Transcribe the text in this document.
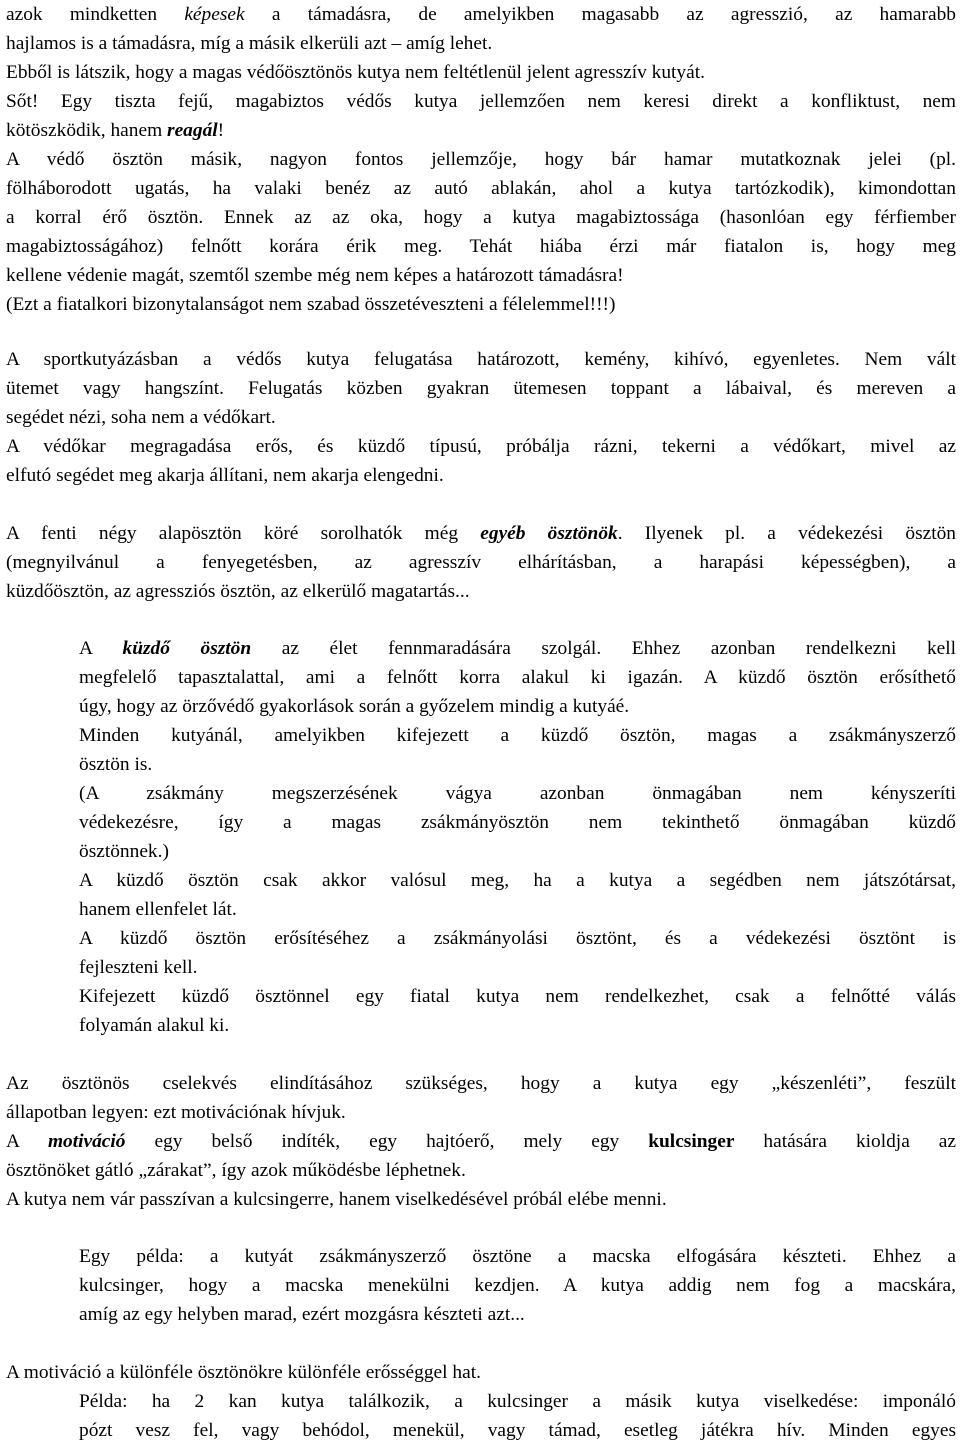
azok mindketten képesek a támadásra, de amelyikben magasabb az agresszió, az hamarabb
hajlamos is a támadásra, míg a másik elkerüli azt – amíg lehet.
Ebből is látszik, hogy a magas védőösztönös kutya nem feltétlenül jelent agresszív kutyát.
Sőt! Egy tiszta fejű, magabiztos védős kutya jellemzően nem keresi direkt a konfliktust, nem
kötöszködik, hanem reagál!
A védő ösztön másik, nagyon fontos jellemzője, hogy bár hamar mutatkoznak jelei (pl.
fölháborodott ugatás, ha valaki benéz az autó ablakán, ahol a kutya tartózkodik), kimondottan
a korral érő ösztön. Ennek az az oka, hogy a kutya magabiztossága (hasonlóan egy férfiember
magabiztosságához) felnőtt korára érik meg. Tehát hiába érzi már fiatalon is, hogy meg
kellene védenie magát, szemtől szembe még nem képes a határozott támadásra!
(Ezt a fiatalkori bizonytalanságot nem szabad összetéveszteni a félelemmel!!!)
A sportkutyázásban a védős kutya felugatása határozott, kemény, kihívó, egyenletes. Nem vált
ütemet vagy hangszínt. Felugatás közben gyakran ütemesen toppant a lábaival, és mereven a
segédet nézi, soha nem a védőkart.
A védőkar megragadása erős, és küzdő típusú, próbálja rázni, tekerni a védőkart, mivel az
elfutó segédet meg akarja állítani, nem akarja elengedni.
A fenti négy alapösztön köré sorolhatók még egyéb ösztönök. Ilyenek pl. a védekezési ösztön
(megnyilvánul a fenyegetésben, az agresszív elhárításban, a harapási képességben), a
küzdőösztön, az agressziós ösztön, az elkerülő magatartás...
A küzdő ösztön az élet fennmaradására szolgál. Ehhez azonban rendelkezni kell
megfelelő tapasztalattal, ami a felnőtt korra alakul ki igazán. A küzdő ösztön erősíthető
úgy, hogy az örzővédő gyakorlások során a győzelem mindig a kutyáé.
Minden kutyánál, amelyikben kifejezett a küzdő ösztön, magas a zsákmányszerző
ösztön is.
(A zsákmány megszerzésének vágya azonban önmagában nem kényszeríti
védekezésre, így a magas zsákmányösztön nem tekinthető önmagában küzdő
ösztönnek.)
A küzdő ösztön csak akkor valósul meg, ha a kutya a segédben nem játszótársat,
hanem ellenfelet lát.
A küzdő ösztön erősítéséhez a zsákmányolási ösztönt, és a védekezési ösztönt is
fejleszteni kell.
Kifejezett küzdő ösztönnel egy fiatal kutya nem rendelkezhet, csak a felnőtté válás
folyamán alakul ki.
Az ösztönös cselekvés elindításához szükséges, hogy a kutya egy „készenléti”, feszült
állapotban legyen: ezt motivációnak hívjuk.
A motiváció egy belső indíték, egy hajtóerő, mely egy kulcsinger hatására kioldja az
ösztönöket gátló „zárakat”, így azok működésbe léphetnek.
A kutya nem vár passzívan a kulcsingerre, hanem viselkedésével próbál elébe menni.
Egy példa: a kutyát zsákmányszerző ösztöne a macska elfogására készteti. Ehhez a
kulcsinger, hogy a macska menekülni kezdjen. A kutya addig nem fog a macskára,
amíg az egy helyben marad, ezért mozgásra készteti azt...
A motiváció a különféle ösztönökre különféle erősséggel hat.
Példa: ha 2 kan kutya találkozik, a kulcsinger a másik kutya viselkedése: imponáló
pózt vesz fel, vagy behódol, menekül, vagy támad, esetleg játékra hív. Minden egyes
